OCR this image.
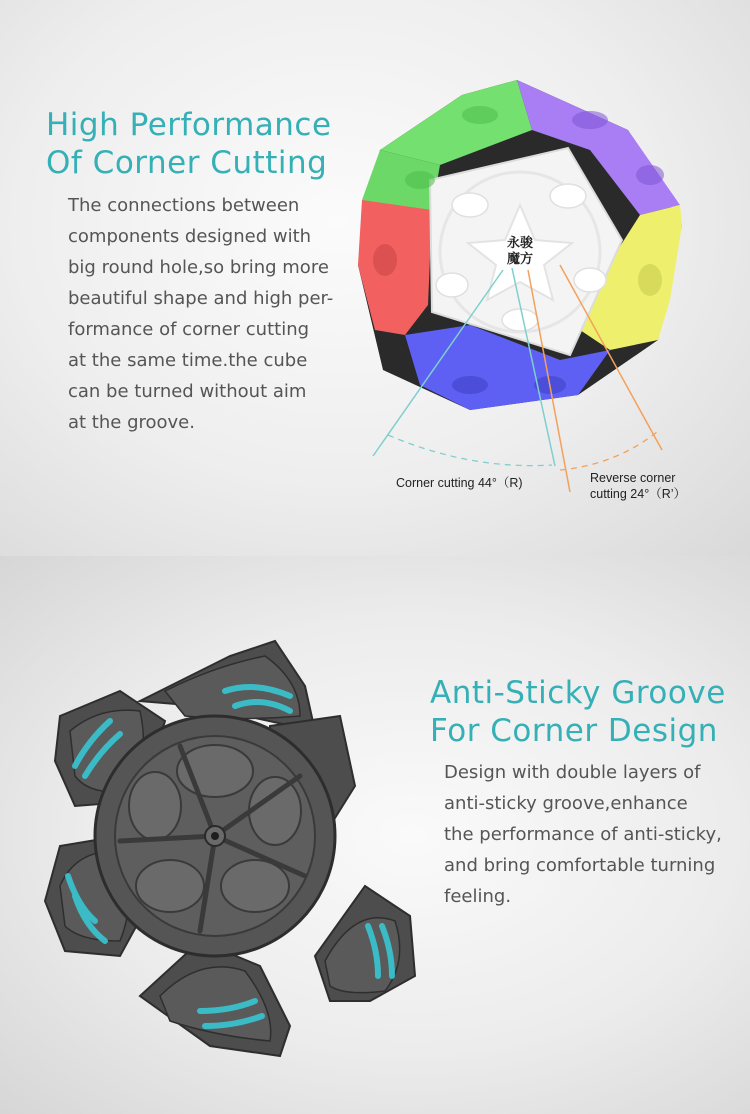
永骏
魔方
High Performance
Of Corner Cutting
The connections between
components designed with
big round hole,so bring more
beautiful shape and high per-
formance of corner cutting
at the same time.the cube
can be turned without aim
at the groove.
Corner cutting 44°（R)	Reverse corner
cutting 24°（R’）
Anti-Sticky Groove
For Corner Design
Design with double layers of
anti-sticky groove,enhance
the performance of anti-sticky,
and bring comfortable turning
feeling.
